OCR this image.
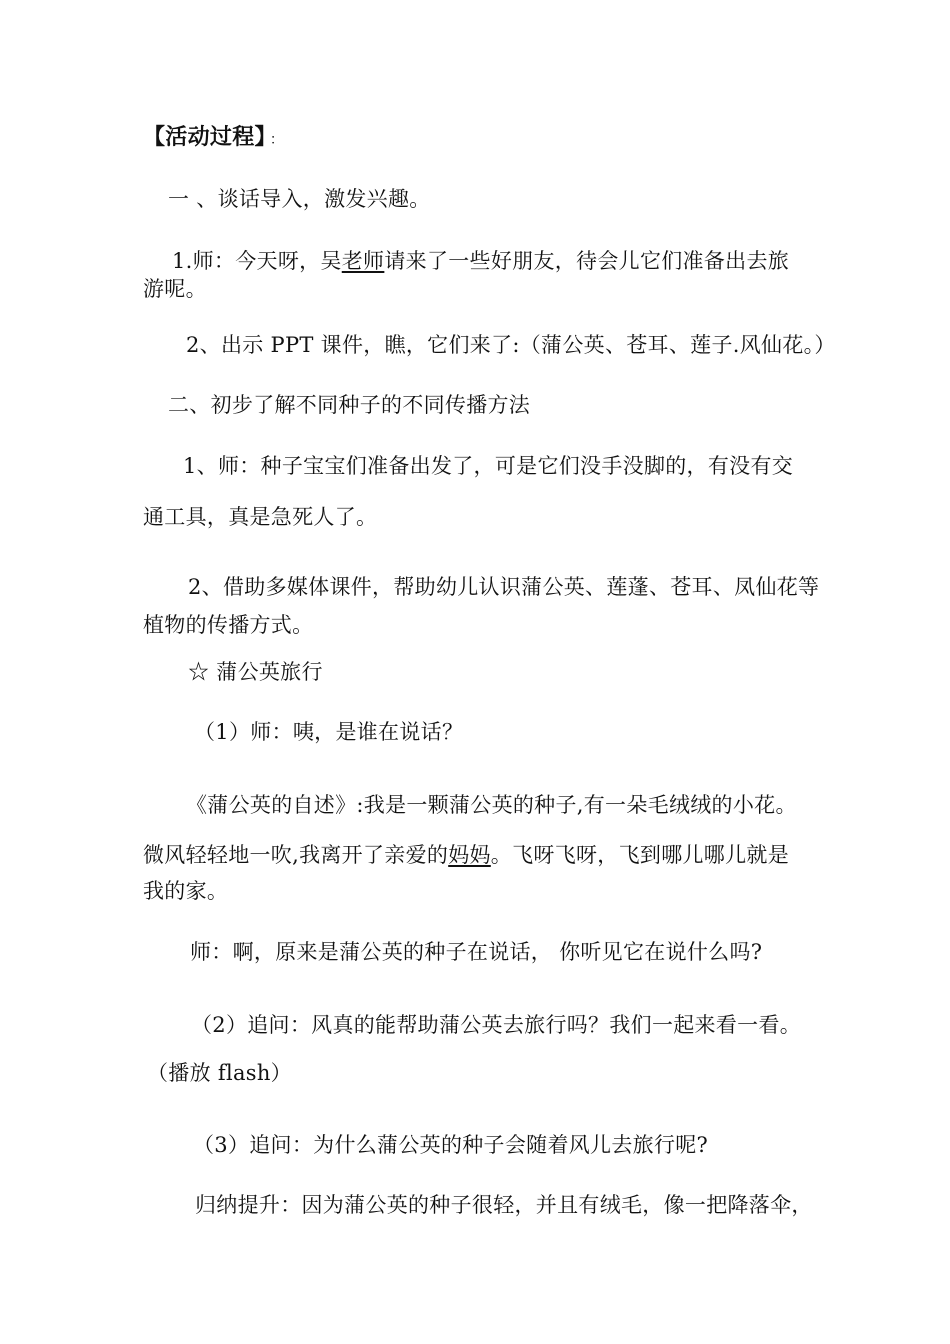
【活动过程】 ：
一 、谈话导入，激发兴趣。
1.师：今天呀，吴老师请来了一些好朋友，待会儿它们准备出去旅
游呢。
2、出示 PPT 课件，瞧，它们来了:（蒲公英、苍耳、莲子.风仙花。）
二、初步了解不同种子的不同传播方法
1、师：种子宝宝们准备出发了，可是它们没手没脚的，有没有交
通工具，真是急死人了。
2、借助多媒体课件，帮助幼儿认识蒲公英、莲蓬、苍耳、凤仙花等
植物的传播方式。
☆ 蒲公英旅行
（1）师：咦，是谁在说话？
《蒲公英的自述》:我是一颗蒲公英的种子,有一朵毛绒绒的小花。
微风轻轻地一吹,我离开了亲爱的妈妈。飞呀飞呀，飞到哪儿哪儿就是
我的家。
师：啊，原来是蒲公英的种子在说话， 你听见它在说什么吗?
（2）追问：风真的能帮助蒲公英去旅行吗？我们一起来看一看。
（播放 flash）
（3）追问：为什么蒲公英的种子会随着风儿去旅行呢?
归纳提升：因为蒲公英的种子很轻，并且有绒毛，像一把降落伞，
